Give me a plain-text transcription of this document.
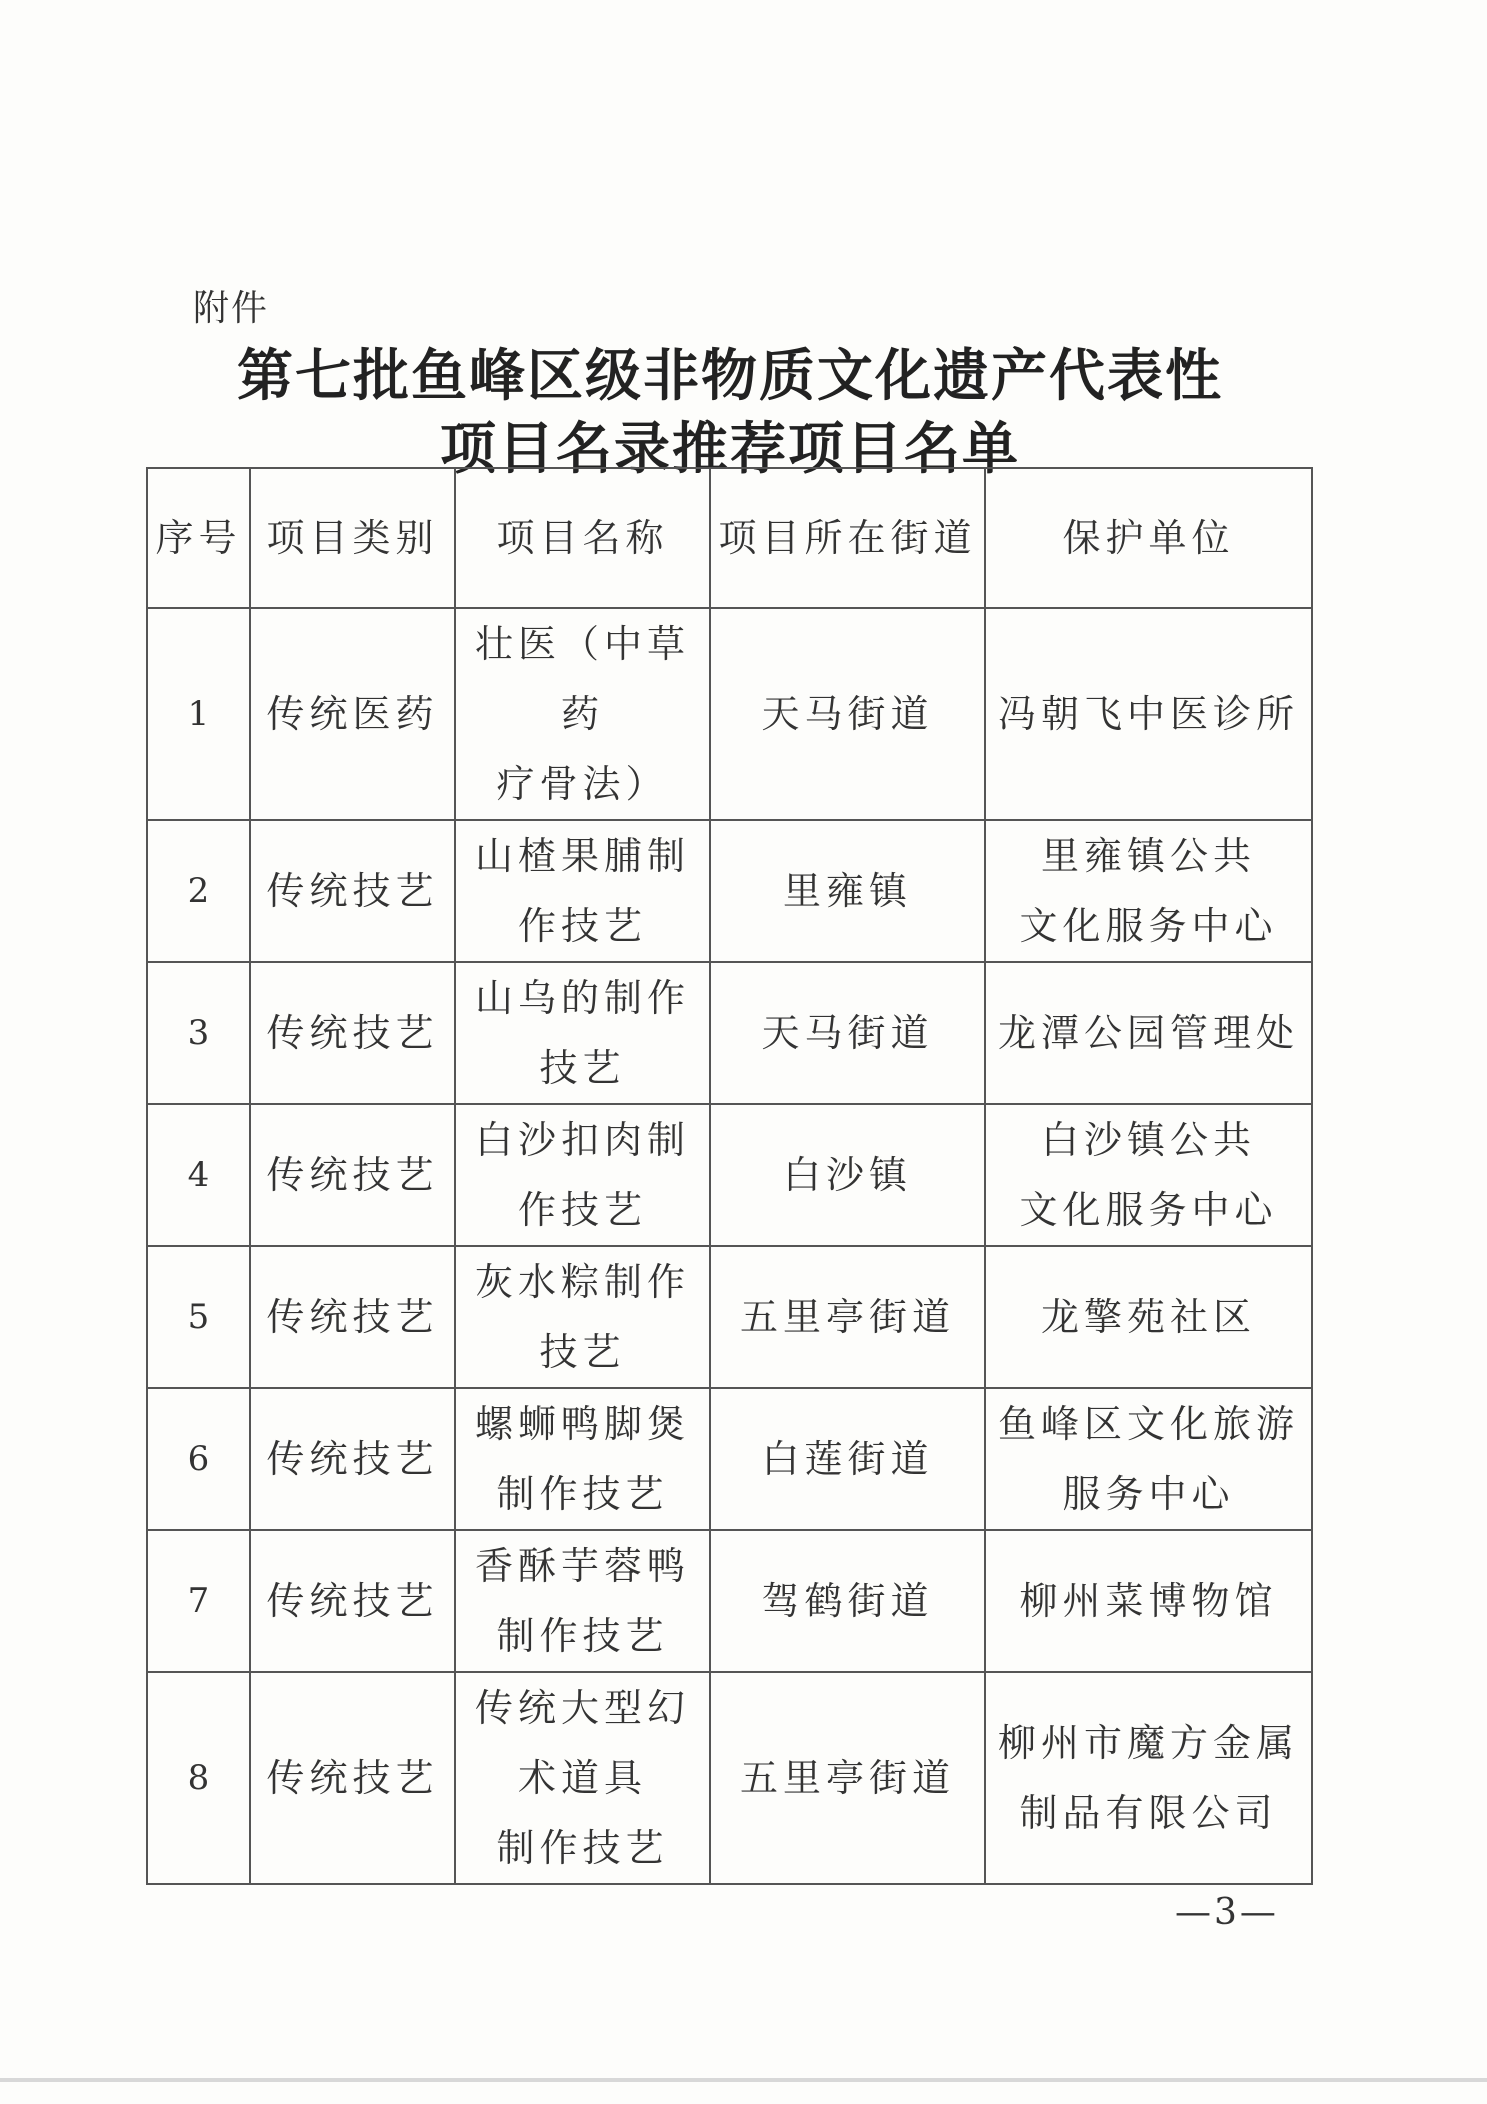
附件
第七批鱼峰区级非物质文化遗产代表性
项目名录推荐项目名单
序号	项目类别	项目名称	项目所在街道	保护单位
1	传统医药	壮医（中草药
疗骨法）	天马街道	冯朝飞中医诊所

2	传统技艺	山楂果脯制
作技艺	里雍镇	里雍镇公共
文化服务中心

3	传统技艺	山乌的制作
技艺	天马街道	龙潭公园管理处

4	传统技艺	白沙扣肉制
作技艺	白沙镇	白沙镇公共
文化服务中心

5	传统技艺	灰水粽制作
技艺	五里亭街道	龙擎苑社区

6	传统技艺	螺蛳鸭脚煲
制作技艺	白莲街道	鱼峰区文化旅游
服务中心

7	传统技艺	香酥芋蓉鸭
制作技艺	驾鹤街道	柳州菜博物馆

8	传统技艺	传统大型幻
术道具
制作技艺	五里亭街道	柳州市魔方金属
制品有限公司
—3—
